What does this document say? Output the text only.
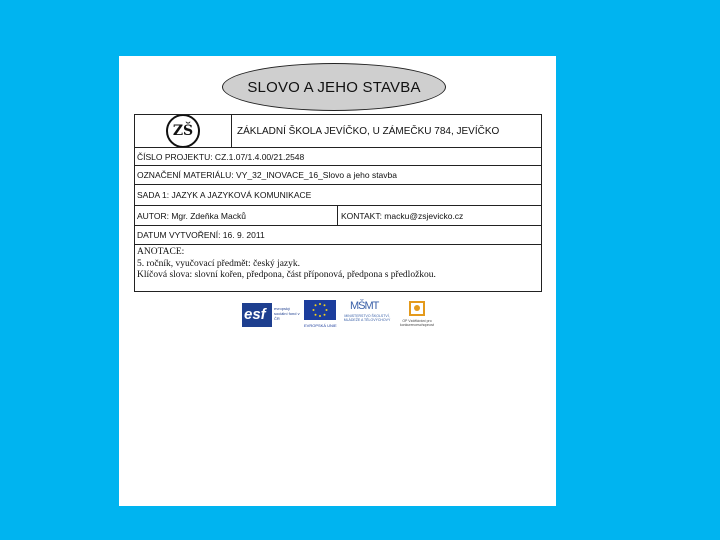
SLOVO A JEHO STAVBA
ZŠ	ZÁKLADNÍ ŠKOLA JEVÍČKO, U ZÁMEČKU 784, JEVÍČKO
ČÍSLO PROJEKTU: CZ.1.07/1.4.00/21.2548
OZNAČENÍ MATERIÁLU: VY_32_INOVACE_16_Slovo a jeho stavba
SADA 1: JAZYK A JAZYKOVÁ KOMUNIKACE
AUTOR: Mgr. Zdeňka Macků	KONTAKT: macku@zsjevicko.cz
DATUM VYTVOŘENÍ: 16. 9. 2011
ANOTACE:
5. ročník, vyučovací předmět: český jazyk.
Klíčová slova: slovní kořen, předpona, část příponová, předpona s předložkou.
esf evropský sociální fond v ČR
EVROPSKÁ UNIE
MŠMT
MINISTERSTVO ŠKOLSTVÍ, MLÁDEŽE A TĚLOVÝCHOVY	OP Vzdělávání pro konkurenceschopnost
